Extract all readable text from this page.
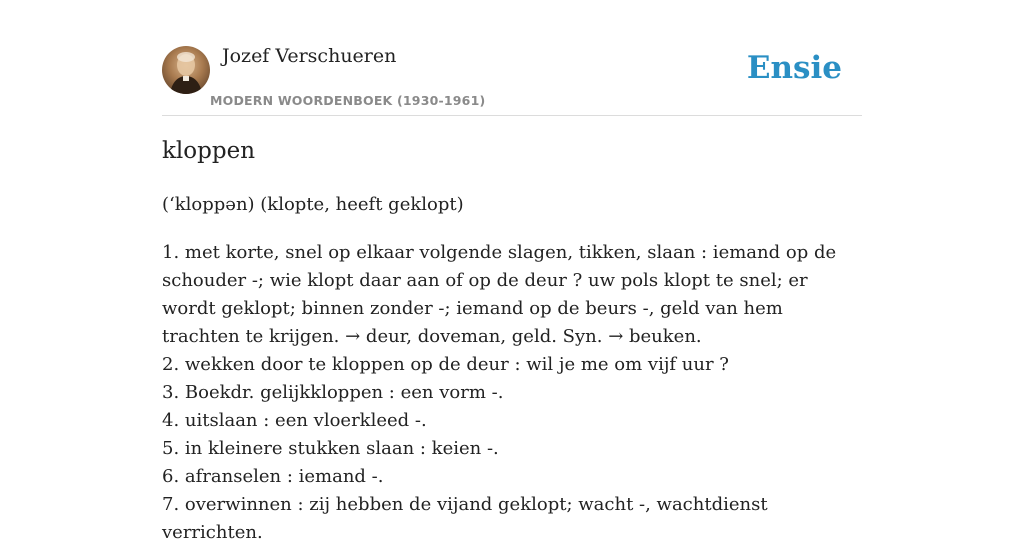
Jozef Verschueren
MODERN WOORDENBOEK (1930-1961)
Ensie
kloppen
(ʻkloppən) (klopte, heeft geklopt)
1. met korte, snel op elkaar volgende slagen, tikken, slaan : iemand op de schouder -; wie klopt daar aan of op de deur ? uw pols klopt te snel; er wordt geklopt; binnen zonder -; iemand op de beurs -, geld van hem trachten te krijgen. → deur, doveman, geld. Syn. → beuken.
2. wekken door te kloppen op de deur : wil je me om vijf uur ?
3. Boekdr. gelijkkloppen : een vorm -.
4. uitslaan : een vloerkleed -.
5. in kleinere stukken slaan : keien -.
6. afranselen : iemand -.
7. overwinnen : zij hebben de vijand geklopt; wacht -, wachtdienst verrichten.
